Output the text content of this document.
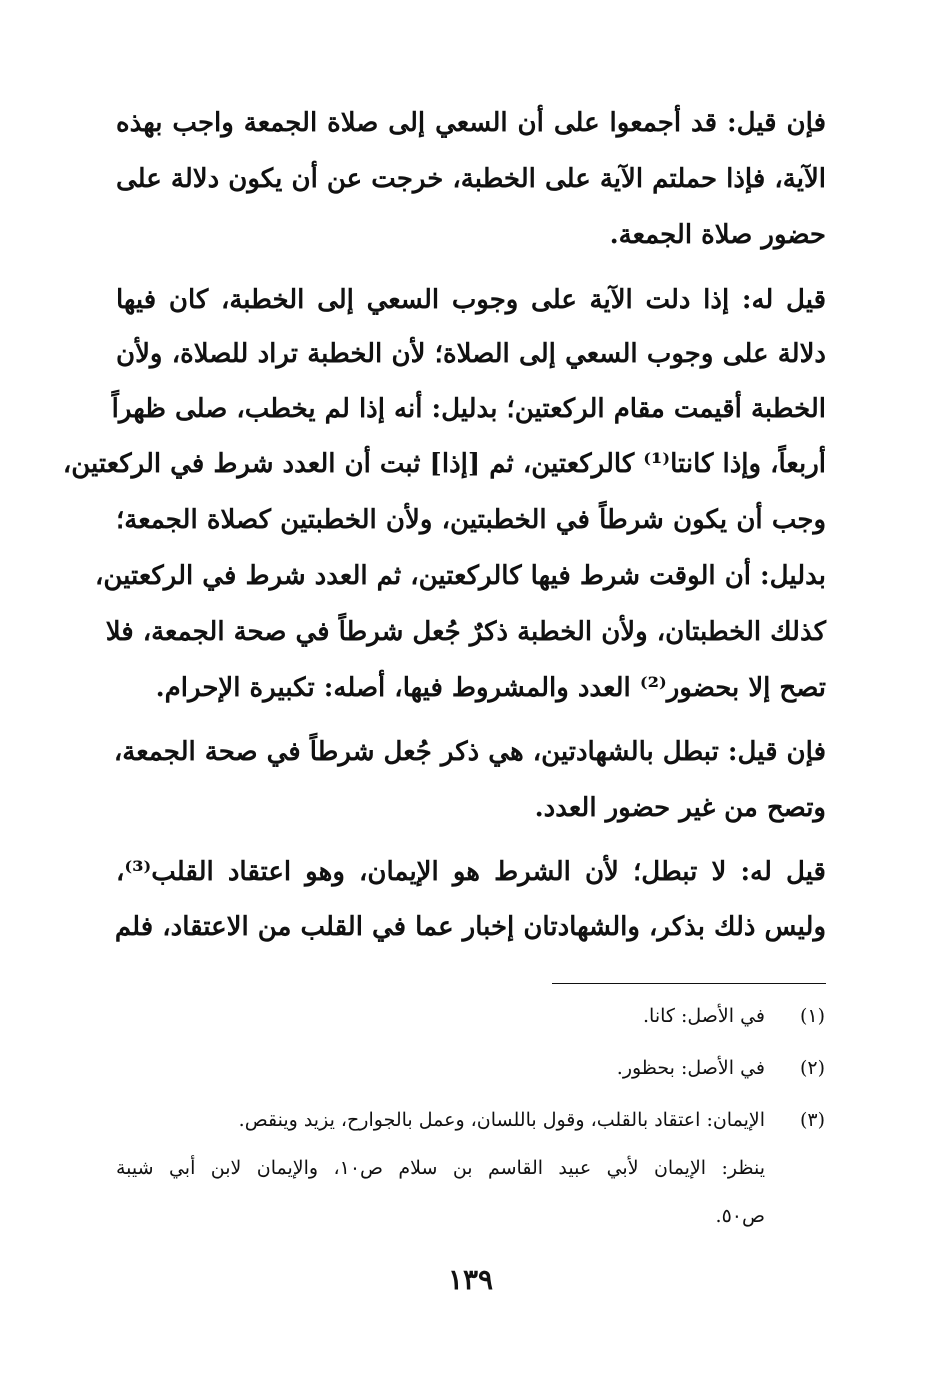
فإن قيل: قد أجمعوا على أن السعي إلى صلاة الجمعة واجب بهذه
الآية، فإذا حملتم الآية على الخطبة، خرجت عن أن يكون دلالة على
حضور صلاة الجمعة.
قيل له: إذا دلت الآية على وجوب السعي إلى الخطبة، كان فيها
دلالة على وجوب السعي إلى الصلاة؛ لأن الخطبة تراد للصلاة، ولأن
الخطبة أقيمت مقام الركعتين؛ بدليل: أنه إذا لم يخطب، صلى ظهراً
أربعاً، وإذا كانتا⁽¹⁾ كالركعتين، ثم [إذا] ثبت أن العدد شرط في الركعتين،
وجب أن يكون شرطاً في الخطبتين، ولأن الخطبتين كصلاة الجمعة؛
بدليل: أن الوقت شرط فيها كالركعتين، ثم العدد شرط في الركعتين،
كذلك الخطبتان، ولأن الخطبة ذكرٌ جُعل شرطاً في صحة الجمعة، فلا
تصح إلا بحضور⁽²⁾ العدد والمشروط فيها، أصله: تكبيرة الإحرام.
فإن قيل: تبطل بالشهادتين، هي ذكر جُعل شرطاً في صحة الجمعة،
وتصح من غير حضور العدد.
قيل له: لا تبطل؛ لأن الشرط هو الإيمان، وهو اعتقاد القلب⁽³⁾،
وليس ذلك بذكر، والشهادتان إخبار عما في القلب من الاعتقاد، فلم
(١)
في الأصل: كانا.
(٢)
في الأصل: بحظور.
(٣)
الإيمان: اعتقاد بالقلب، وقول باللسان، وعمل بالجوارح، يزيد وينقص.
ينظر: الإيمان لأبي عبيد القاسم بن سلام ص١٠، والإيمان لابن أبي شيبة
ص٥٠.
١٣٩
